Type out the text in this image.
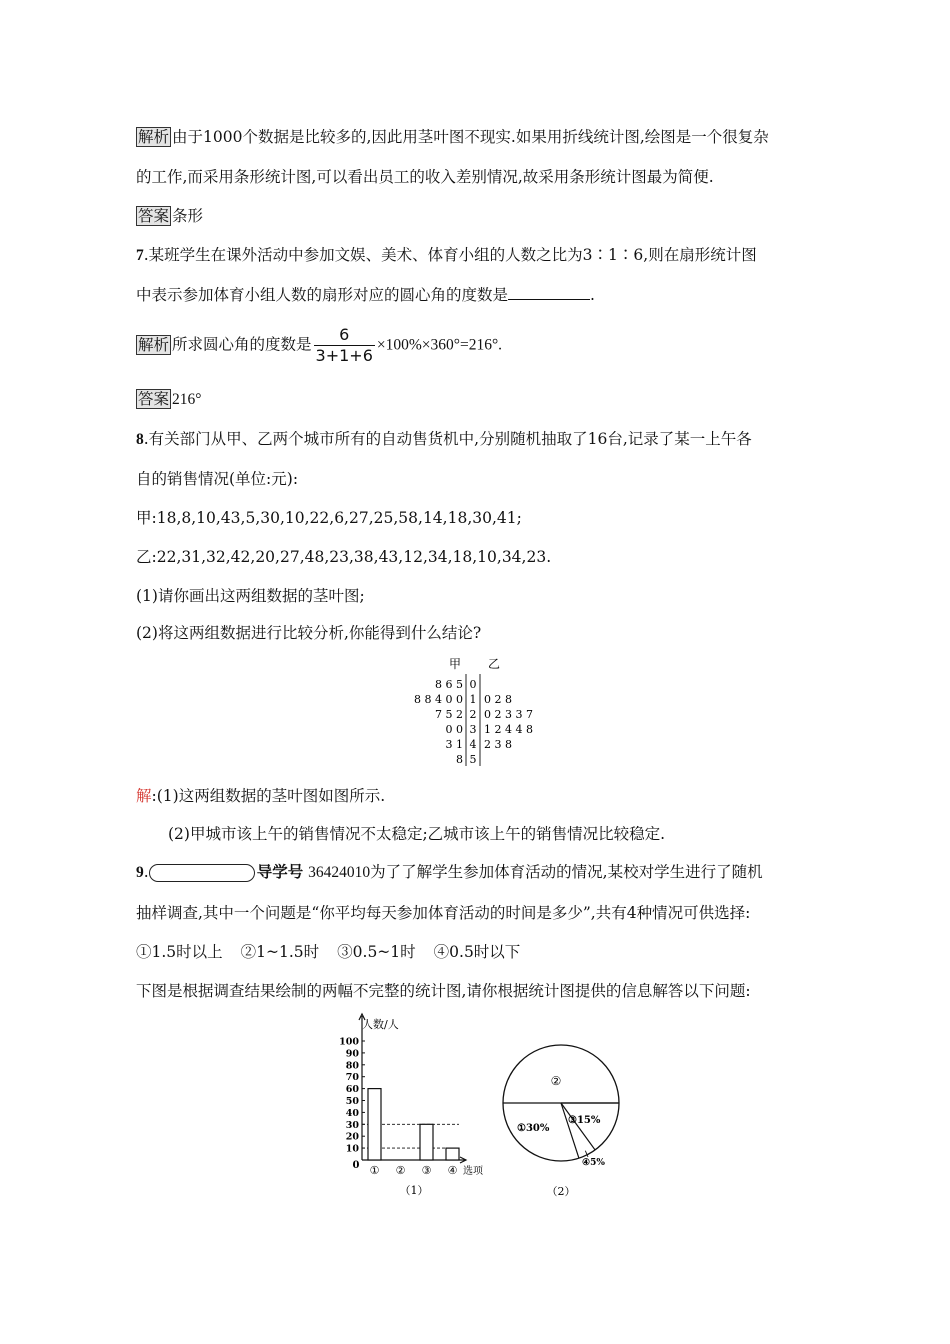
解析 由于1000个数据是比较多的,因此用茎叶图不现实.如果用折线统计图,绘图是一个很复杂
的工作,而采用条形统计图,可以看出员工的收入差别情况,故采用条形统计图最为简便.
答案 条形
7.某班学生在课外活动中参加文娱、美术、体育小组的人数之比为3∶1∶6,则在扇形统计图
中表示参加体育小组人数的扇形对应的圆心角的度数是	.
解析 所求圆心角的度数是 $\frac{6}{3+1+6} \times 100\%\times 360^\circ=216^\circ$.
答案 216°
8.有关部门从甲、乙两个城市所有的自动售货机中,分别随机抽取了16台,记录了某一上午各
自的销售情况(单位:元):
甲:18,8,10,43,5,30,10,22,6,27,25,58,14,18,30,41;
乙:22,31,32,42,20,27,48,23,38,43,12,34,18,10,34,23.
(1)请你画出这两组数据的茎叶图;
(2)将这两组数据进行比较分析,你能得到什么结论?
甲 乙
8 6 5 0
8 8 4 0 0 1 0 2 8
7 5 2 2 0 2 3 3 7
0 0 3 1 2 4 4 8
3 1 4 2 3 8
8 5
解:(1)这两组数据的茎叶图如图所示.
(2)甲城市该上午的销售情况不太稳定;乙城市该上午的销售情况比较稳定.
9.	导学号 36424010为了了解学生参加体育活动的情况,某校对学生进行了随机
抽样调查,其中一个问题是“你平均每天参加体育活动的时间是多少”,共有4种情况可供选择:
①1.5时以上 ②1~1.5时 ③0.5~1时 ④0.5时以下
下图是根据调查结果绘制的两幅不完整的统计图,请你根据统计图提供的信息解答以下问题:
10
20
30
40
50
60
70
80
90
100
① ② ③ ④
人数/人
选项
0
（1）
②
①30%
③15%
④5%
（2）
